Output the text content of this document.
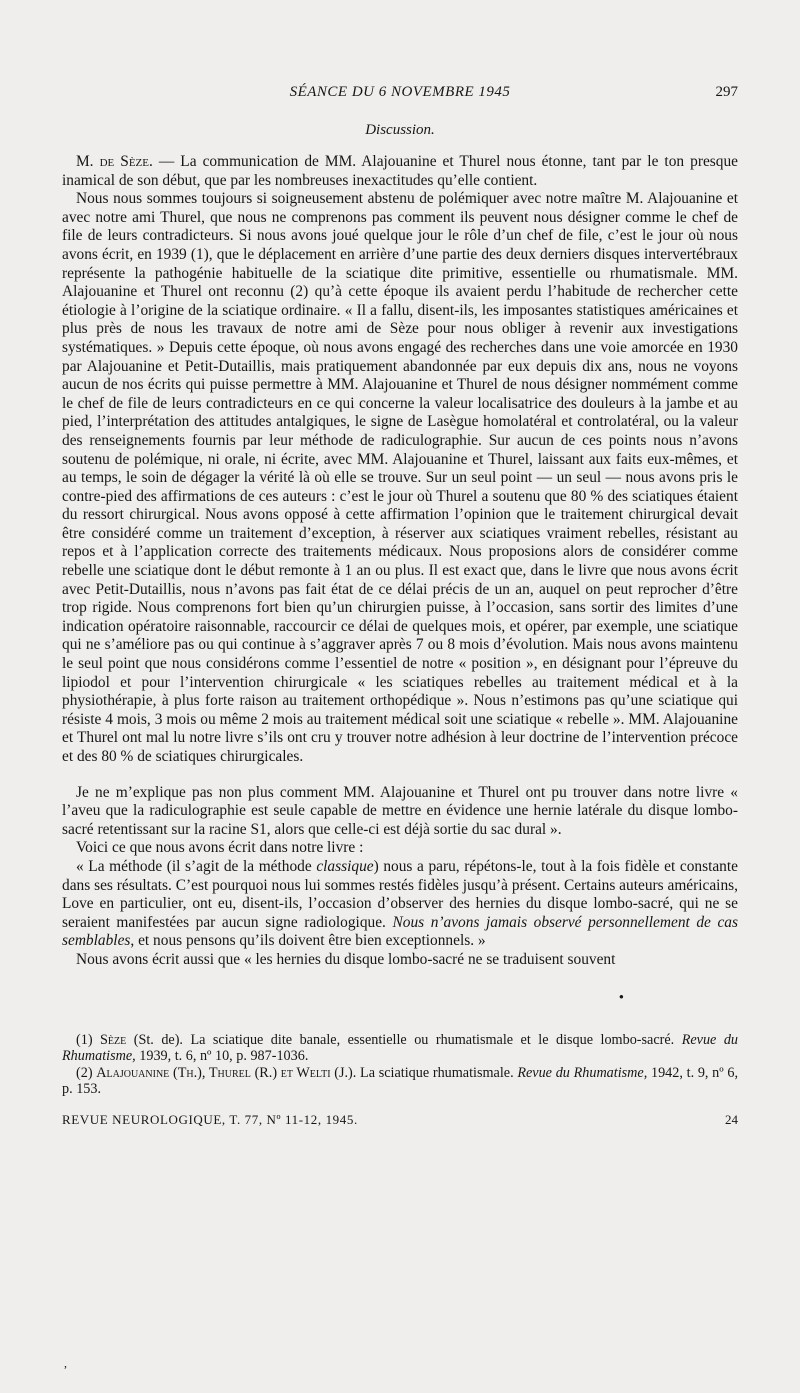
SÉANCE DU 6 NOVEMBRE 1945	297
Discussion.

M. de Sèze. — La communication de MM. Alajouanine et Thurel nous étonne, tant par le ton presque inamical de son début, que par les nombreuses inexactitudes qu’elle contient.

Nous nous sommes toujours si soigneusement abstenu de polémiquer avec notre maître M. Alajouanine et avec notre ami Thurel, que nous ne comprenons pas comment ils peuvent nous désigner comme le chef de file de leurs contradicteurs. Si nous avons joué quelque jour le rôle d’un chef de file, c’est le jour où nous avons écrit, en 1939 (1), que le déplacement en arrière d’une partie des deux derniers disques intervertébraux représente la pathogénie habituelle de la sciatique dite primitive, essentielle ou rhumatismale. MM. Alajouanine et Thurel ont reconnu (2) qu’à cette époque ils avaient perdu l’habitude de rechercher cette étiologie à l’origine de la sciatique ordinaire. « Il a fallu, disent-ils, les imposantes statistiques américaines et plus près de nous les travaux de notre ami de Sèze pour nous obliger à revenir aux investigations systématiques. » Depuis cette époque, où nous avons engagé des recherches dans une voie amorcée en 1930 par Alajouanine et Petit-Dutaillis, mais pratiquement abandonnée par eux depuis dix ans, nous ne voyons aucun de nos écrits qui puisse permettre à MM. Alajouanine et Thurel de nous désigner nommément comme le chef de file de leurs contradicteurs en ce qui concerne la valeur localisatrice des douleurs à la jambe et au pied, l’interprétation des attitudes antalgiques, le signe de Lasègue homolatéral et controlatéral, ou la valeur des renseignements fournis par leur méthode de radiculographie. Sur aucun de ces points nous n’avons soutenu de polémique, ni orale, ni écrite, avec MM. Alajouanine et Thurel, laissant aux faits eux-mêmes, et au temps, le soin de dégager la vérité là où elle se trouve. Sur un seul point — un seul — nous avons pris le contre-pied des affirmations de ces auteurs : c’est le jour où Thurel a soutenu que 80 % des sciatiques étaient du ressort chirurgical. Nous avons opposé à cette affirmation l’opinion que le traitement chirurgical devait être considéré comme un traitement d’exception, à réserver aux sciatiques vraiment rebelles, résistant au repos et à l’application correcte des traitements médicaux. Nous proposions alors de considérer comme rebelle une sciatique dont le début remonte à 1 an ou plus. Il est exact que, dans le livre que nous avons écrit avec Petit-Dutaillis, nous n’avons pas fait état de ce délai précis de un an, auquel on peut reprocher d’être trop rigide. Nous comprenons fort bien qu’un chirurgien puisse, à l’occasion, sans sortir des limites d’une indication opératoire raisonnable, raccourcir ce délai de quelques mois, et opérer, par exemple, une sciatique qui ne s’améliore pas ou qui continue à s’aggraver après 7 ou 8 mois d’évolution. Mais nous avons maintenu le seul point que nous considérons comme l’essentiel de notre « position », en désignant pour l’épreuve du lipiodol et pour l’intervention chirurgicale « les sciatiques rebelles au traitement médical et à la physiothérapie, à plus forte raison au traitement orthopédique ». Nous n’estimons pas qu’une sciatique qui résiste 4 mois, 3 mois ou même 2 mois au traitement médical soit une sciatique « rebelle ». MM. Alajouanine et Thurel ont mal lu notre livre s’ils ont cru y trouver notre adhésion à leur doctrine de l’intervention précoce et des 80 % de sciatiques chirurgicales.

Je ne m’explique pas non plus comment MM. Alajouanine et Thurel ont pu trouver dans notre livre « l’aveu que la radiculographie est seule capable de mettre en évidence une hernie latérale du disque lombo-sacré retentissant sur la racine S1, alors que celle-ci est déjà sortie du sac dural ».

Voici ce que nous avons écrit dans notre livre :

« La méthode (il s’agit de la méthode classique) nous a paru, répétons-le, tout à la fois fidèle et constante dans ses résultats. C’est pourquoi nous lui sommes restés fidèles jusqu’à présent. Certains auteurs américains, Love en particulier, ont eu, disent-ils, l’occasion d’observer des hernies du disque lombo-sacré, qui ne se seraient manifestées par aucun signe radiologique. Nous n’avons jamais observé personnellement de cas semblables, et nous pensons qu’ils doivent être bien exceptionnels. »

Nous avons écrit aussi que « les hernies du disque lombo-sacré ne se traduisent souvent

•

(1) Sèze (St. de). La sciatique dite banale, essentielle ou rhumatismale et le disque lombo-sacré. Revue du Rhumatisme, 1939, t. 6, nº 10, p. 987-1036.

(2) Alajouanine (Th.), Thurel (R.) et Welti (J.). La sciatique rhumatismale. Revue du Rhumatisme, 1942, t. 9, nº 6, p. 153.

REVUE NEUROLOGIQUE, T. 77, Nº 11-12, 1945.	24
,
